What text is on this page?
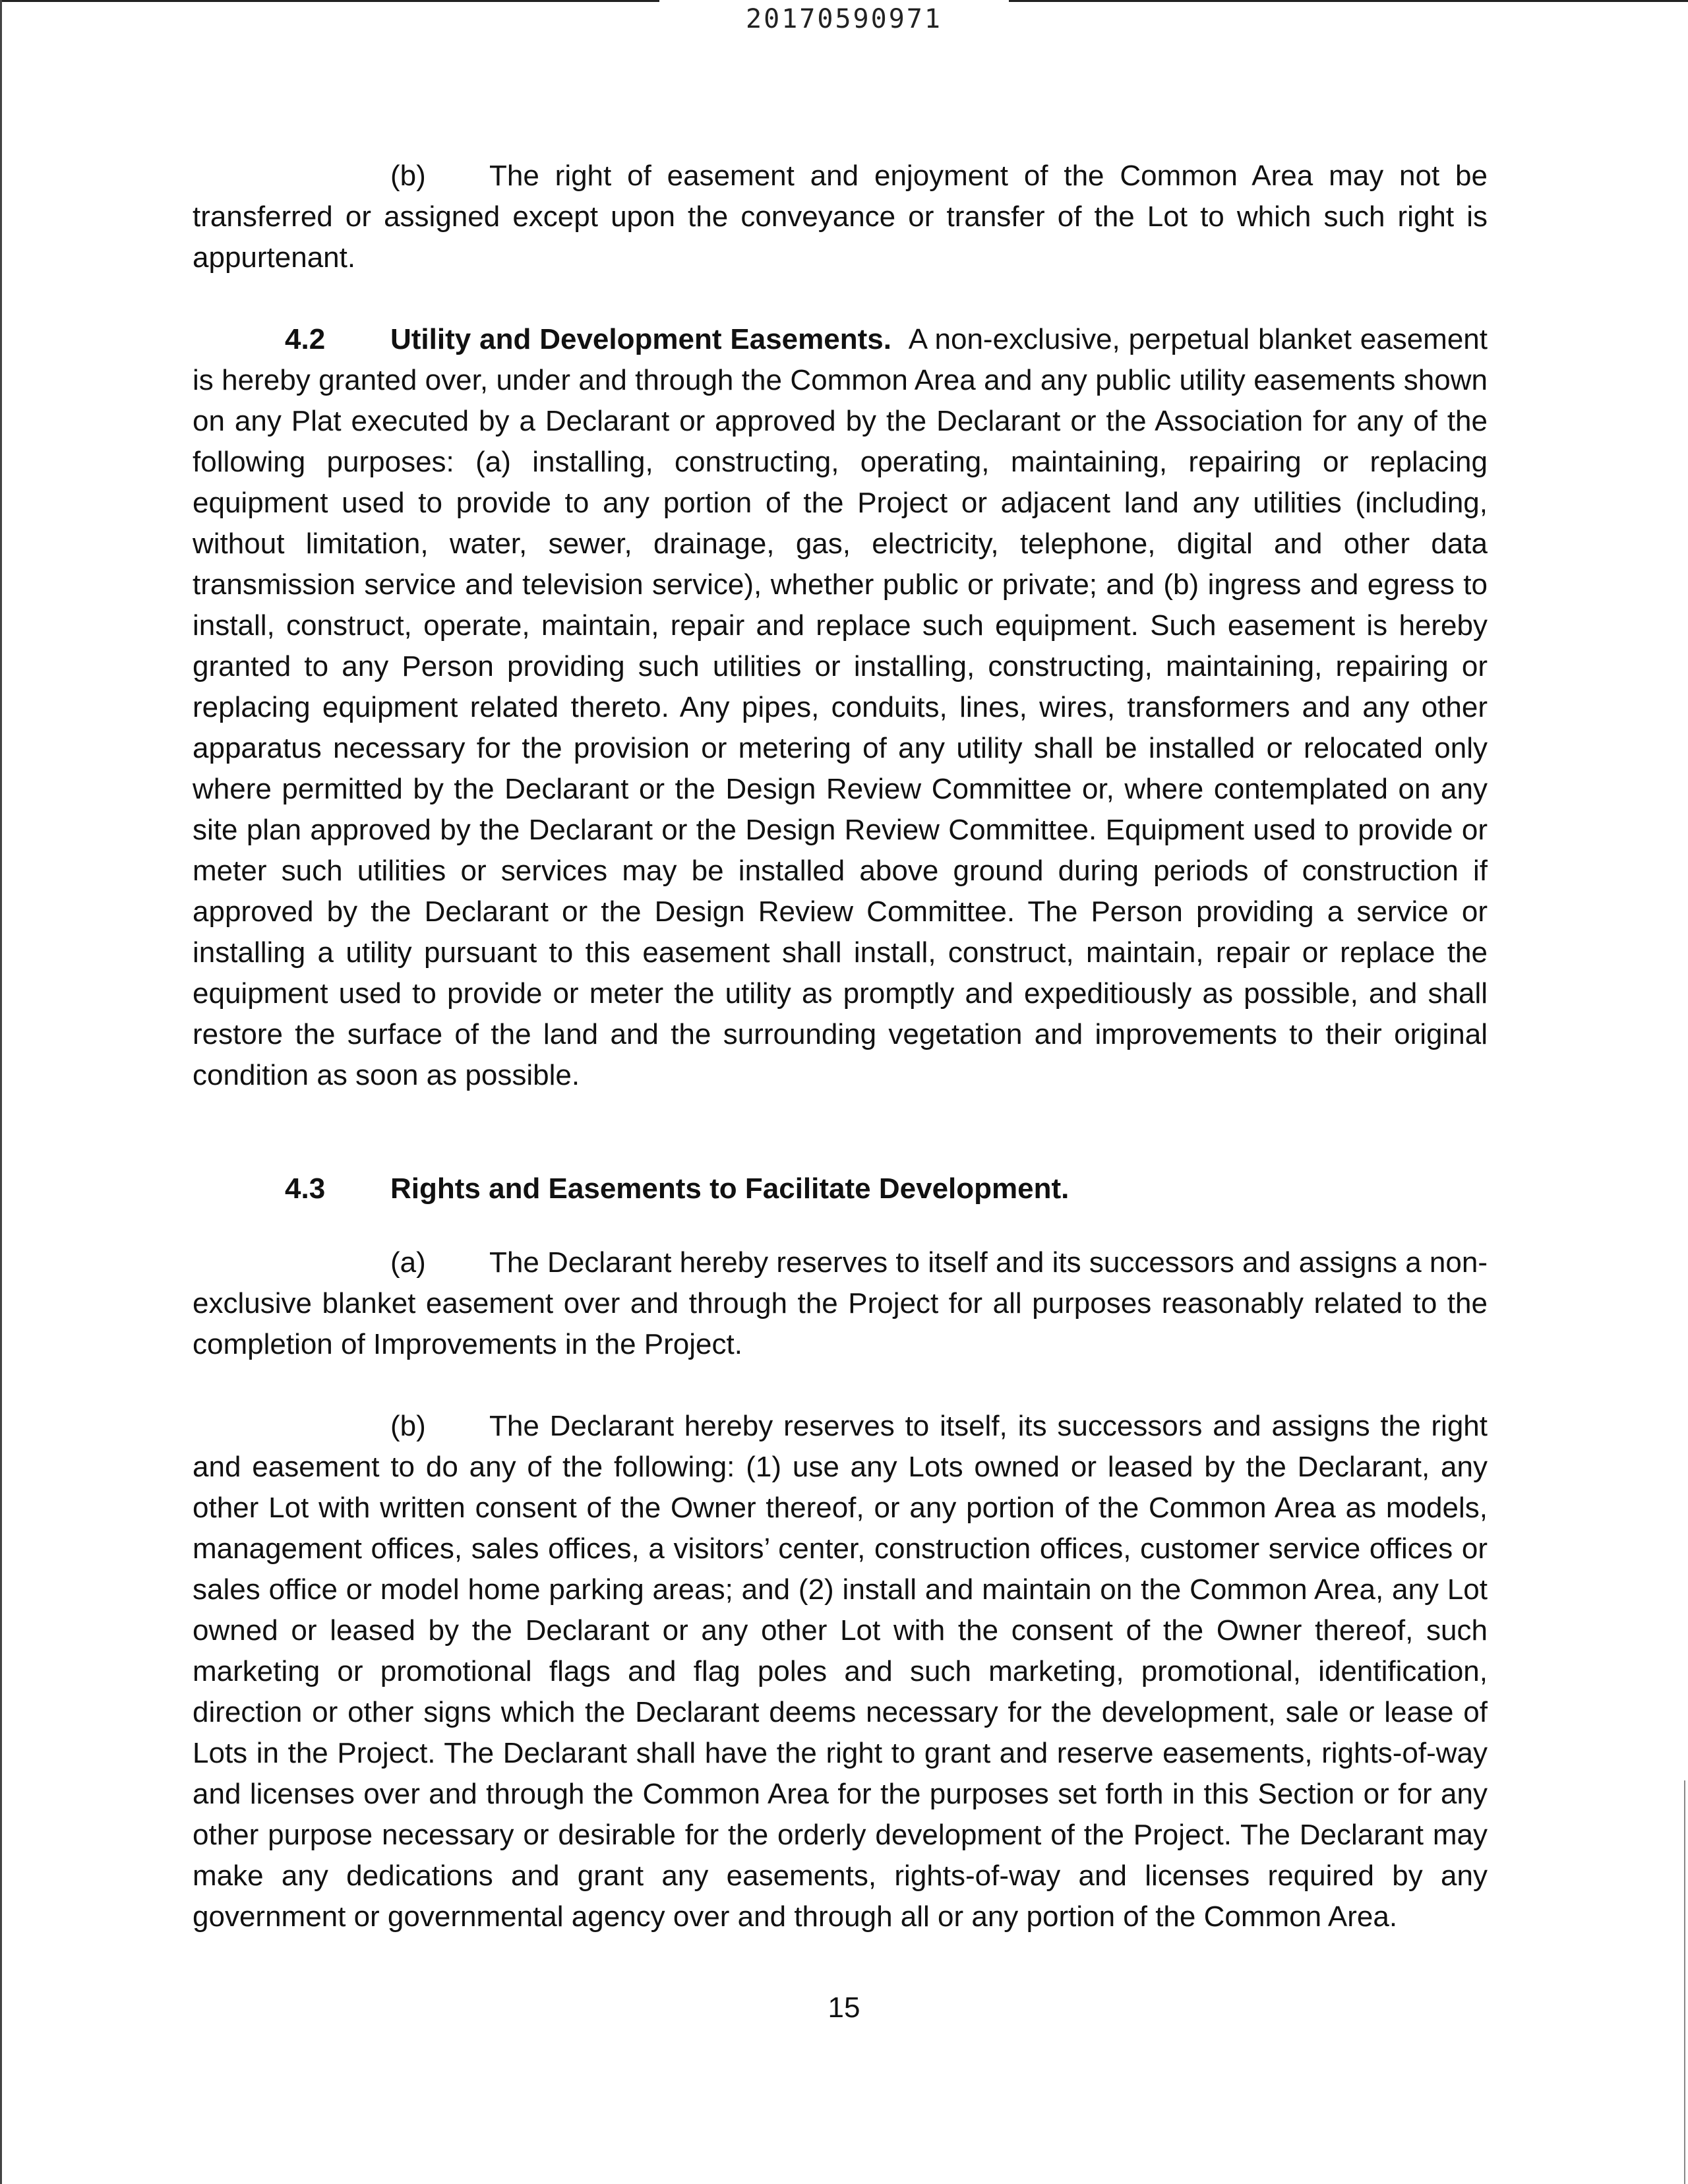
20170590971

(b) The right of easement and enjoyment of the Common Area may not be transferred or assigned except upon the conveyance or transfer of the Lot to which such right is appurtenant.

4.2 Utility and Development Easements. A non-exclusive, perpetual blanket easement is hereby granted over, under and through the Common Area and any public utility easements shown on any Plat executed by a Declarant or approved by the Declarant or the Association for any of the following purposes: (a) installing, constructing, operating, maintaining, repairing or replacing equipment used to provide to any portion of the Project or adjacent land any utilities (including, without limitation, water, sewer, drainage, gas, electricity, telephone, digital and other data transmission service and television service), whether public or private; and (b) ingress and egress to install, construct, operate, maintain, repair and replace such equipment. Such easement is hereby granted to any Person providing such utilities or installing, constructing, maintaining, repairing or replacing equipment related thereto. Any pipes, conduits, lines, wires, transformers and any other apparatus necessary for the provision or metering of any utility shall be installed or relocated only where permitted by the Declarant or the Design Review Committee or, where contemplated on any site plan approved by the Declarant or the Design Review Committee. Equipment used to provide or meter such utilities or services may be installed above ground during periods of construction if approved by the Declarant or the Design Review Committee. The Person providing a service or installing a utility pursuant to this easement shall install, construct, maintain, repair or replace the equipment used to provide or meter the utility as promptly and expeditiously as possible, and shall restore the surface of the land and the surrounding vegetation and improvements to their original condition as soon as possible.

4.3 Rights and Easements to Facilitate Development.

(a) The Declarant hereby reserves to itself and its successors and assigns a non-exclusive blanket easement over and through the Project for all purposes reasonably related to the completion of Improvements in the Project.

(b) The Declarant hereby reserves to itself, its successors and assigns the right and easement to do any of the following: (1) use any Lots owned or leased by the Declarant, any other Lot with written consent of the Owner thereof, or any portion of the Common Area as models, management offices, sales offices, a visitors’ center, construction offices, customer service offices or sales office or model home parking areas; and (2) install and maintain on the Common Area, any Lot owned or leased by the Declarant or any other Lot with the consent of the Owner thereof, such marketing or promotional flags and flag poles and such marketing, promotional, identification, direction or other signs which the Declarant deems necessary for the development, sale or lease of Lots in the Project. The Declarant shall have the right to grant and reserve easements, rights-of-way and licenses over and through the Common Area for the purposes set forth in this Section or for any other purpose necessary or desirable for the orderly development of the Project. The Declarant may make any dedications and grant any easements, rights-of-way and licenses required by any government or governmental agency over and through all or any portion of the Common Area.

15
